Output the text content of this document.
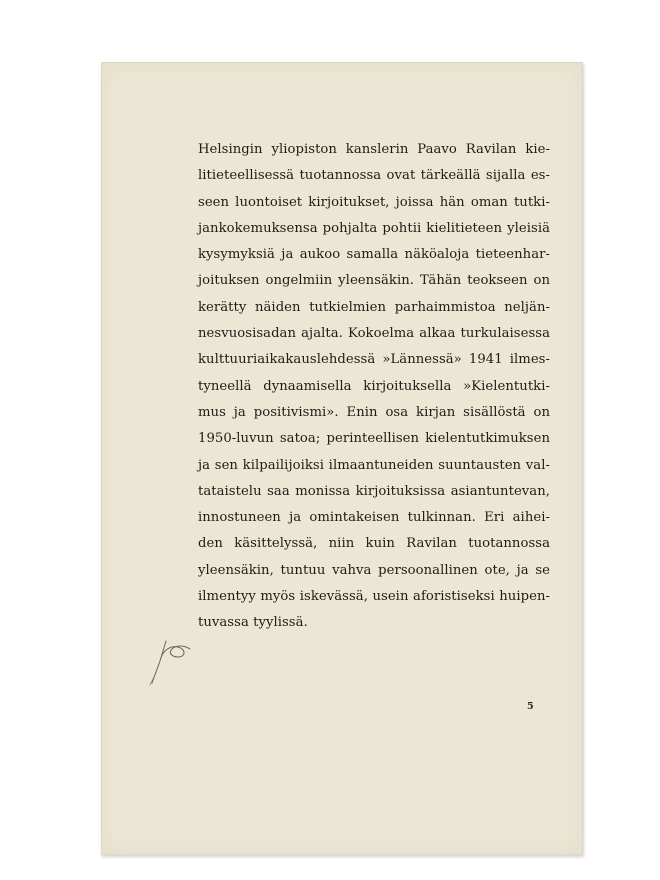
Helsingin yliopiston kanslerin Paavo Ravilan kie-
litieteellisessä tuotannossa ovat tärkeällä sijalla es-
seen luontoiset kirjoitukset, joissa hän oman tutki-
jankokemuksensa pohjalta pohtii kielitieteen yleisiä
kysymyksiä ja aukoo samalla näköaloja tieteenhar-
joituksen ongelmiin yleensäkin. Tähän teokseen on
kerätty näiden tutkielmien parhaimmistoa neljän-
nesvuosisadan ajalta. Kokoelma alkaa turkulaisessa
kulttuuriaikakauslehdessä »Lännessä» 1941 ilmes-
tyneellä dynaamisella kirjoituksella »Kielentutki-
mus ja positivismi». Enin osa kirjan sisällöstä on
1950-luvun satoa; perinteellisen kielentutkimuksen
ja sen kilpailijoiksi ilmaantuneiden suuntausten val-
tataistelu saa monissa kirjoituksissa asiantuntevan,
innostuneen ja omintakeisen tulkinnan. Eri aihei-
den käsittelyssä, niin kuin Ravilan tuotannossa
yleensäkin, tuntuu vahva persoonallinen ote, ja se
ilmentyy myös iskevässä, usein aforistiseksi huipen-
tuvassa tyylissä.
5
